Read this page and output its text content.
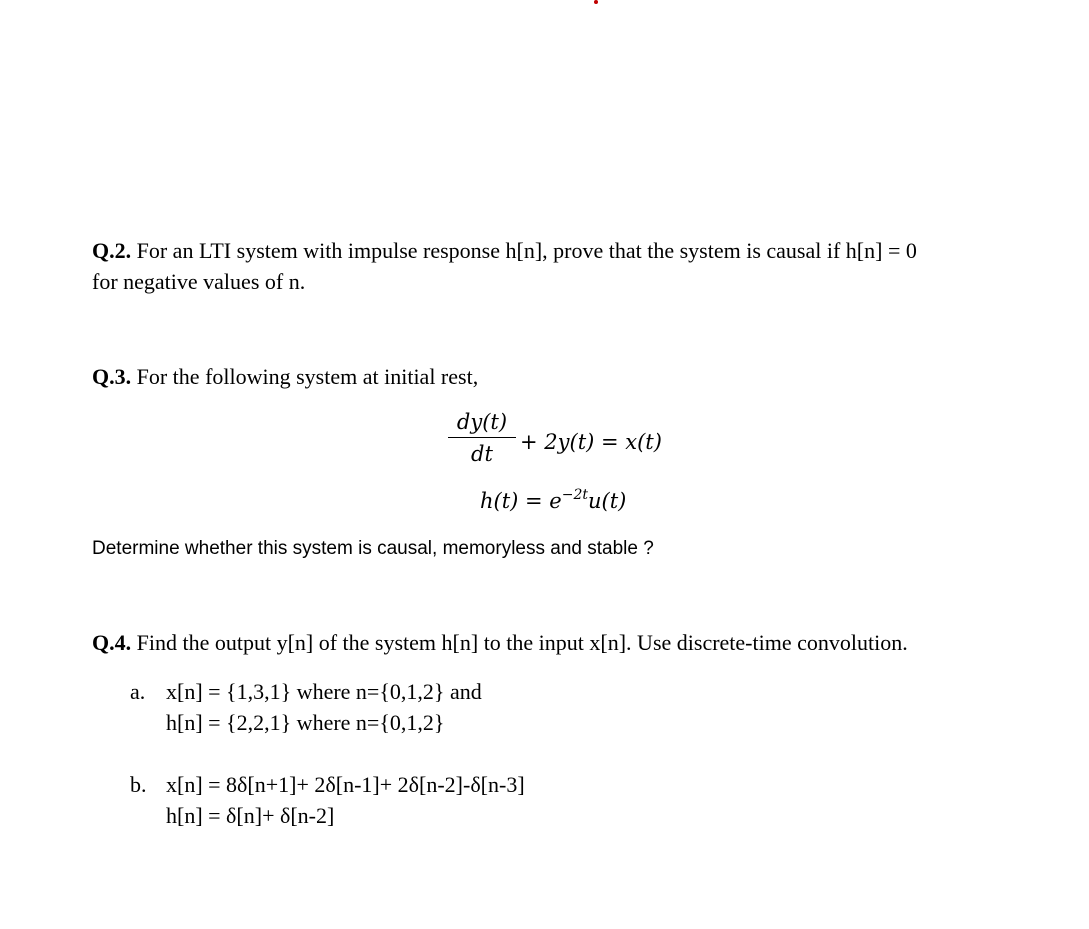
Q.2. For an LTI system with impulse response h[n], prove that the system is causal if h[n] = 0
for negative values of n.
Q.3. For the following system at initial rest,
dy(t)
dt	+ 2y(t) = x(t)
$h(t) = e^{-2t}u(t)$
Determine whether this system is causal, memoryless and stable ?
Q.4. Find the output y[n] of the system h[n] to the input x[n]. Use discrete-time convolution.
a. x[n] = {1,3,1} where n={0,1,2} and
h[n] = {2,2,1} where n={0,1,2}
b. x[n] = 8δ[n+1]+ 2δ[n-1]+ 2δ[n-2]-δ[n-3]
h[n] = δ[n]+ δ[n-2]
